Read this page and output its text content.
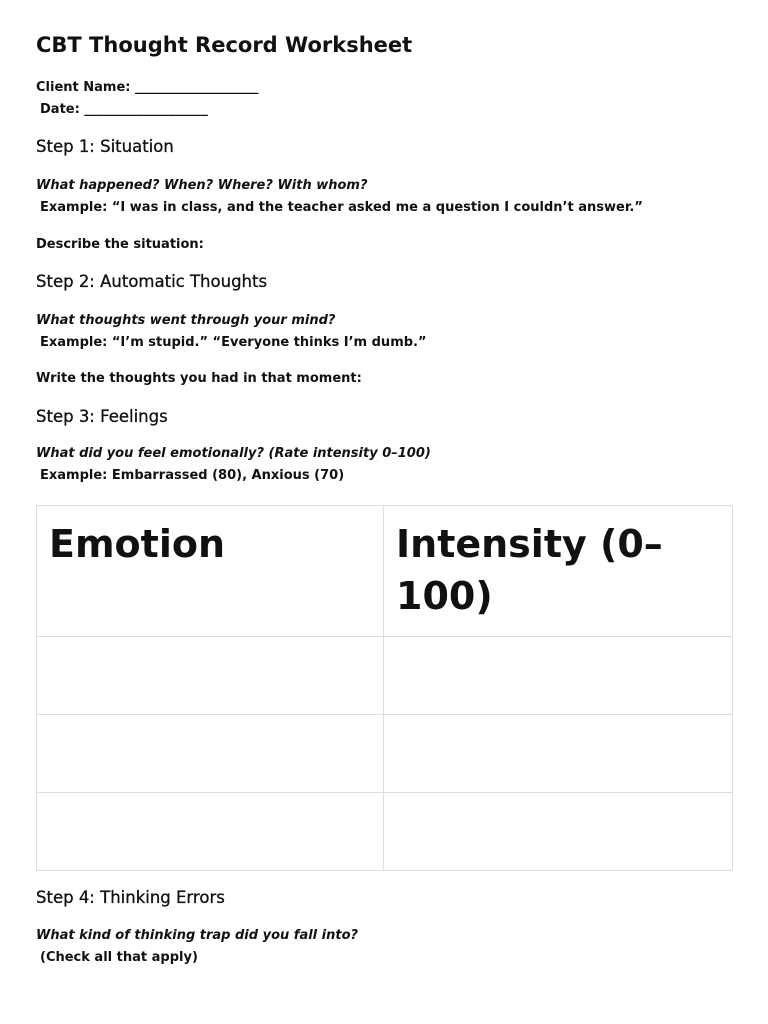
CBT Thought Record Worksheet
Client Name: ___________________
Date: ___________________
Step 1: Situation
What happened? When? Where? With whom?
Example: “I was in class, and the teacher asked me a question I couldn’t answer.”
Describe the situation:
Step 2: Automatic Thoughts
What thoughts went through your mind?
Example: “I’m stupid.” “Everyone thinks I’m dumb.”
Write the thoughts you had in that moment:
Step 3: Feelings
What did you feel emotionally? (Rate intensity 0–100)
Example: Embarrassed (80), Anxious (70)
Emotion	Intensity (0–100)

Step 4: Thinking Errors
What kind of thinking trap did you fall into?
(Check all that apply)
